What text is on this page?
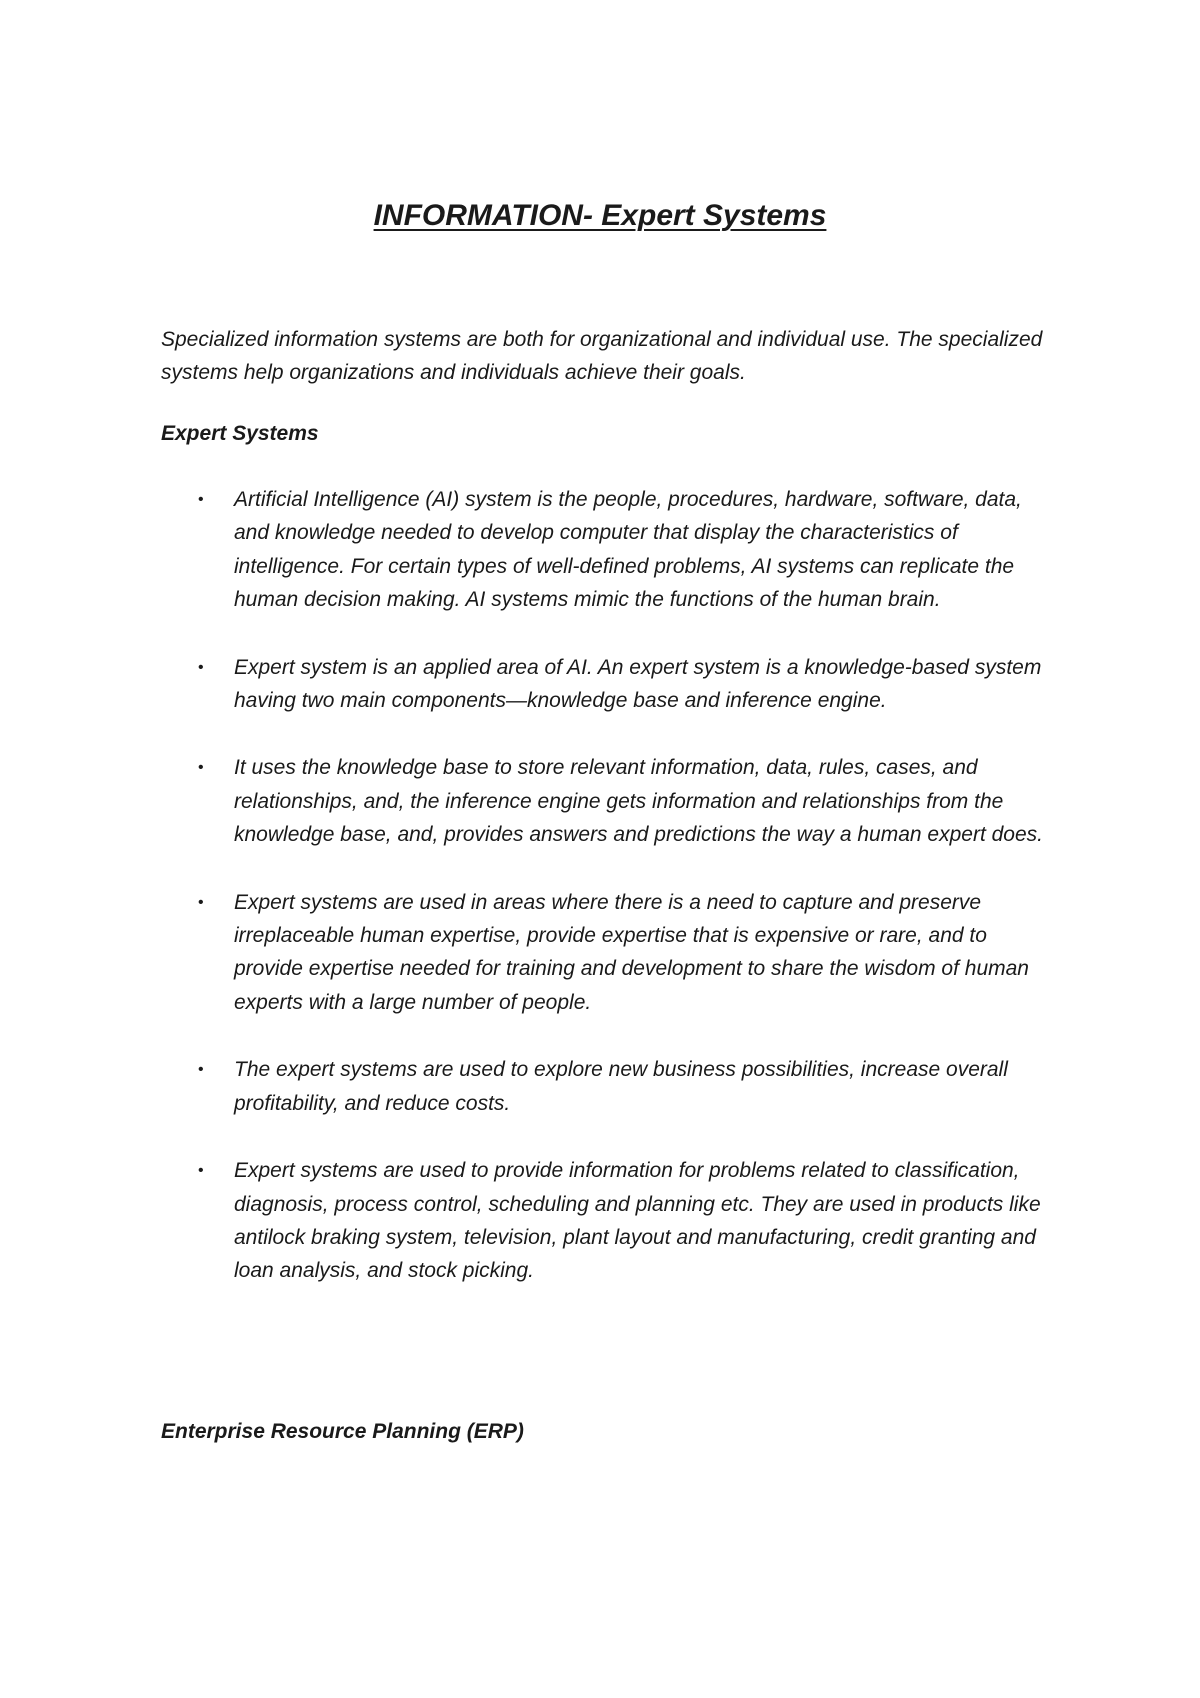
INFORMATION- Expert Systems

Specialized information systems are both for organizational and individual use. The specialized systems help organizations and individuals achieve their goals.

Expert Systems
• Artificial Intelligence (AI) system is the people, procedures, hardware, software, data, and knowledge needed to develop computer that display the characteristics of intelligence. For certain types of well-defined problems, AI systems can replicate the human decision making. AI systems mimic the functions of the human brain.
• Expert system is an applied area of AI. An expert system is a knowledge-based system having two main components—knowledge base and inference engine.
• It uses the knowledge base to store relevant information, data, rules, cases, and relationships, and, the inference engine gets information and relationships from the knowledge base, and, provides answers and predictions the way a human expert does.
• Expert systems are used in areas where there is a need to capture and preserve irreplaceable human expertise, provide expertise that is expensive or rare, and to provide expertise needed for training and development to share the wisdom of human experts with a large number of people.
• The expert systems are used to explore new business possibilities, increase overall profitability, and reduce costs.
• Expert systems are used to provide information for problems related to classification, diagnosis, process control, scheduling and planning etc. They are used in products like antilock braking system, television, plant layout and manufacturing, credit granting and loan analysis, and stock picking.
Enterprise Resource Planning (ERP)
